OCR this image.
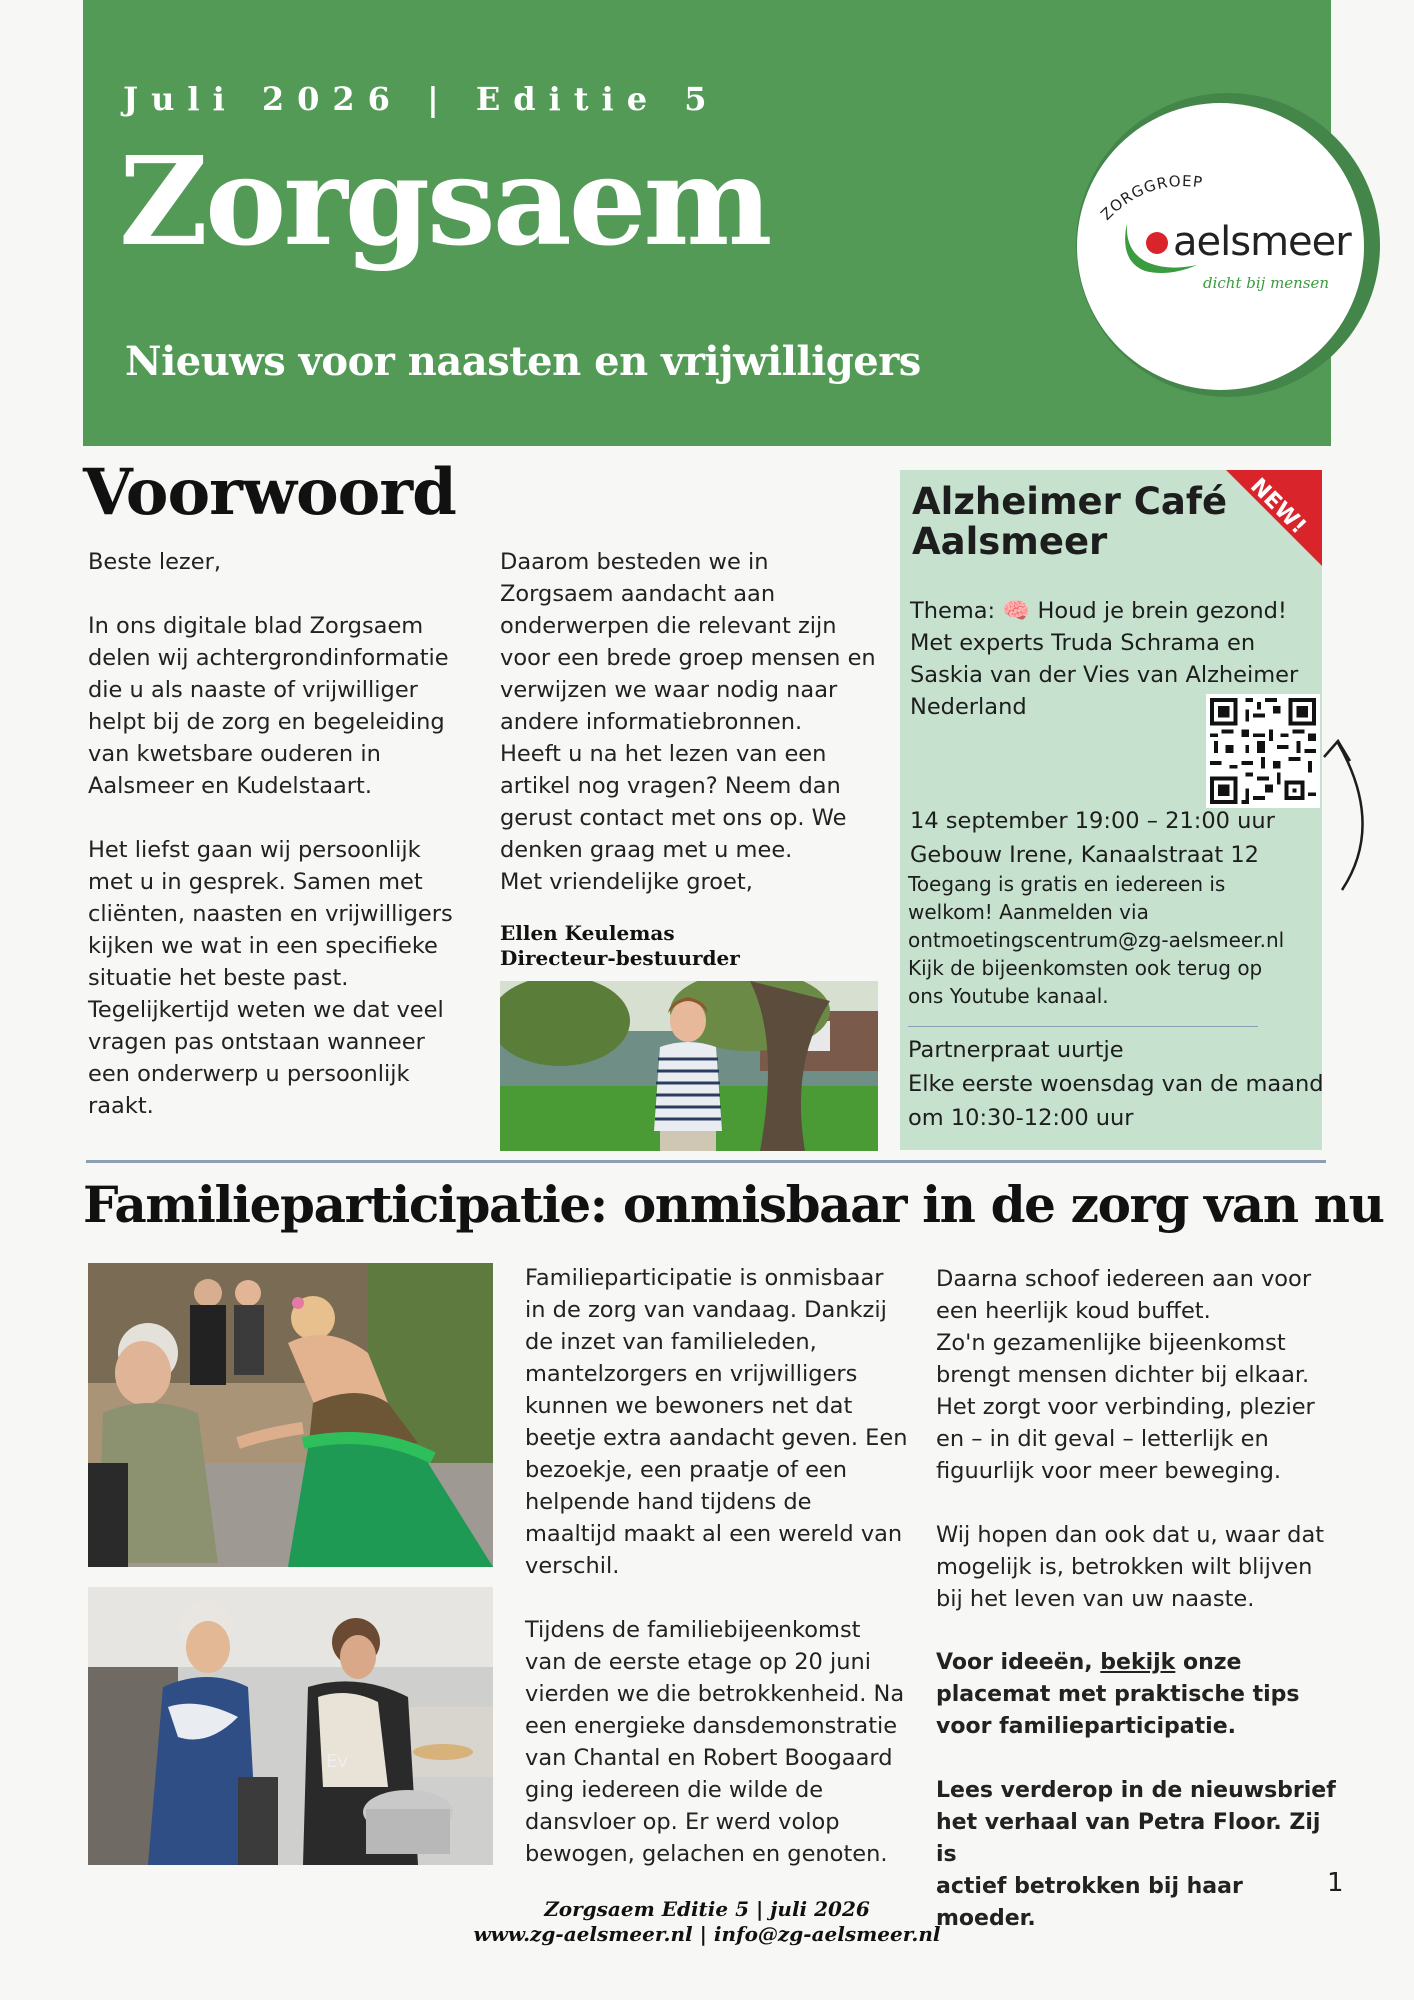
Juli 2026 | Editie 5
Zorgsaem
Nieuws voor naasten en vrijwilligers
ZORGGROEP
aelsmeer
dicht bij mensen
Voorwoord
Beste lezer,

In ons digitale blad Zorgsaem
delen wij achtergrondinformatie
die u als naaste of vrijwilliger
helpt bij de zorg en begeleiding
van kwetsbare ouderen in
Aalsmeer en Kudelstaart.

Het liefst gaan wij persoonlijk
met u in gesprek. Samen met
cliënten, naasten en vrijwilligers
kijken we wat in een specifieke
situatie het beste past.
Tegelijkertijd weten we dat veel
vragen pas ontstaan wanneer
een onderwerp u persoonlijk
raakt.
Daarom besteden we in
Zorgsaem aandacht aan
onderwerpen die relevant zijn
voor een brede groep mensen en
verwijzen we waar nodig naar
andere informatiebronnen.
Heeft u na het lezen van een
artikel nog vragen? Neem dan
gerust contact met ons op. We
denken graag met u mee.
Met vriendelijke groet,
Ellen Keulemas
Directeur-bestuurder
Alzheimer Café
Aalsmeer
Thema: 🧠 Houd je brein gezond!
Met experts Truda Schrama en
Saskia van der Vies van Alzheimer
Nederland
14 september 19:00 – 21:00 uur
Gebouw Irene, Kanaalstraat 12
Toegang is gratis en iedereen is
welkom! Aanmelden via
ontmoetingscentrum@zg-aelsmeer.nl
Kijk de bijeenkomsten ook terug op
ons Youtube kanaal.
Partnerpraat uurtje
Elke eerste woensdag van de maand
om 10:30-12:00 uur
NEW!
Familieparticipatie: onmisbaar in de zorg van nu
Ev
Familieparticipatie is onmisbaar
in de zorg van vandaag. Dankzij
de inzet van familieleden,
mantelzorgers en vrijwilligers
kunnen we bewoners net dat
beetje extra aandacht geven. Een
bezoekje, een praatje of een
helpende hand tijdens de
maaltijd maakt al een wereld van
verschil.

Tijdens de familiebijeenkomst
van de eerste etage op 20 juni
vierden we die betrokkenheid. Na
een energieke dansdemonstratie
van Chantal en Robert Boogaard
ging iedereen die wilde de
dansvloer op. Er werd volop
bewogen, gelachen en genoten.
Daarna schoof iedereen aan voor
een heerlijk koud buffet.
Zo'n gezamenlijke bijeenkomst
brengt mensen dichter bij elkaar.
Het zorgt voor verbinding, plezier
en – in dit geval – letterlijk en
figuurlijk voor meer beweging.

Wij hopen dan ook dat u, waar dat
mogelijk is, betrokken wilt blijven
bij het leven van uw naaste.
Voor ideeën, bekijk onze
placemat met praktische tips
voor familieparticipatie.
Lees verderop in de nieuwsbrief
het verhaal van Petra Floor. Zij is
actief betrokken bij haar moeder.
1
Zorgsaem Editie 5 | juli 2026
www.zg-aelsmeer.nl | info@zg-aelsmeer.nl
